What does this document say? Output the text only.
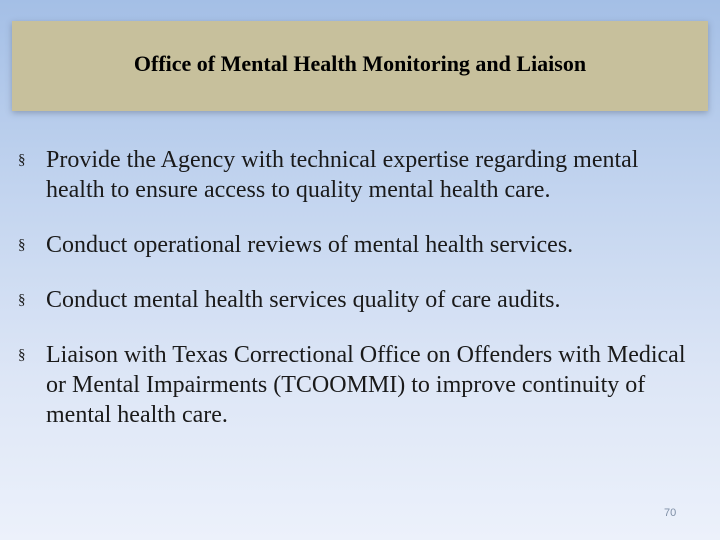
Office of Mental Health Monitoring and Liaison
§ Provide the Agency with technical expertise regarding mental health to ensure access to quality mental health care.
§ Conduct operational reviews of mental health services.
§ Conduct mental health services quality of care audits.
§ Liaison with Texas Correctional Office on Offenders with Medical or Mental Impairments (TCOOMMI) to improve continuity of mental health care.
70
